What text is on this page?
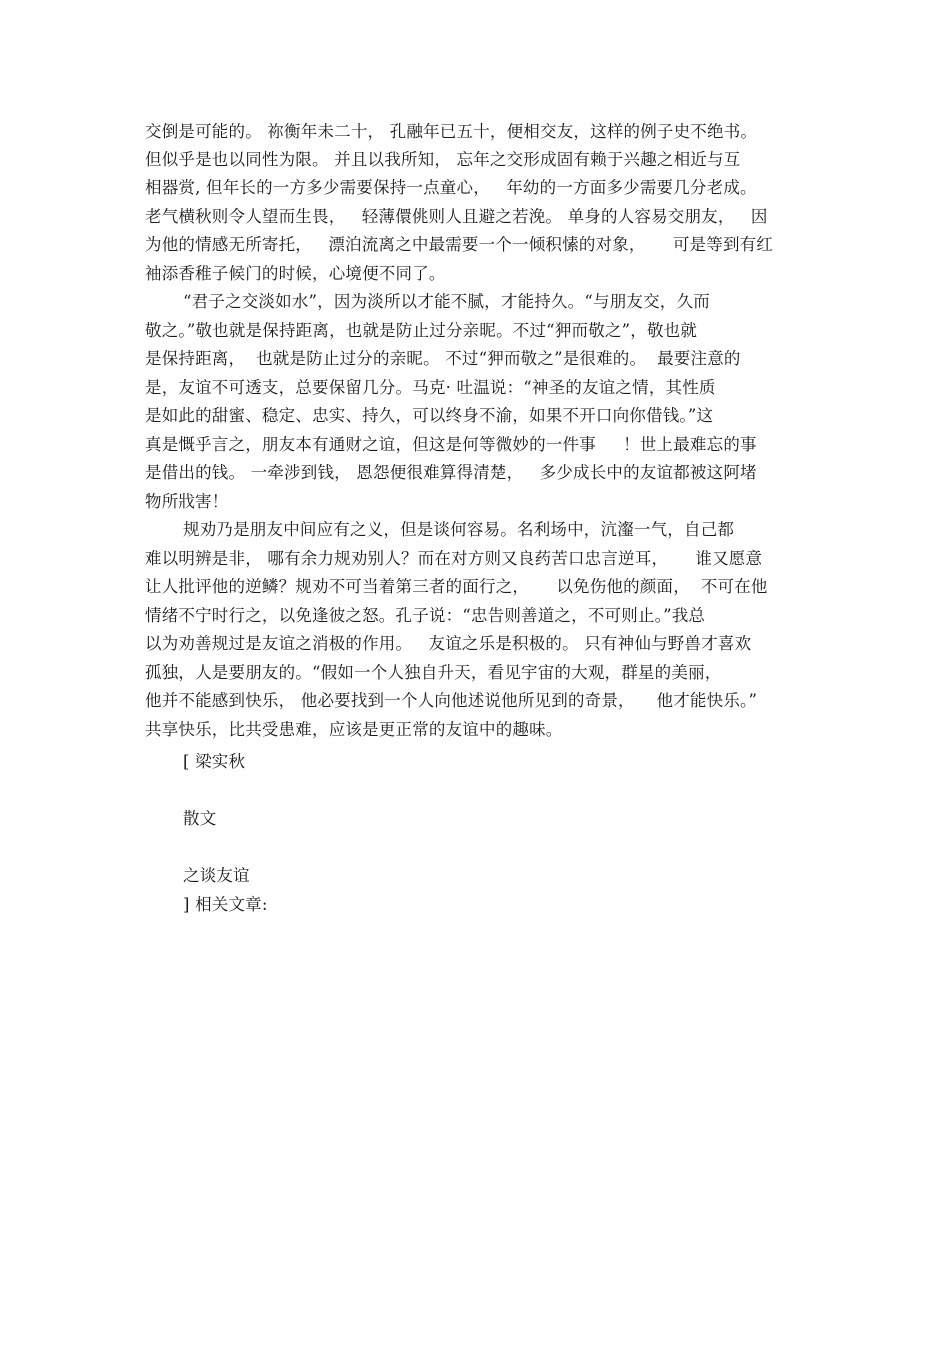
交倒是可能的。 祢衡年未二十， 孔融年已五十，便相交友，这样的例子史不绝书。
但似乎是也以同性为限。 并且以我所知， 忘年之交形成固有赖于兴趣之相近与互
相器赏, 但年长的一方多少需要保持一点童心，   年幼的一方面多少需要几分老成。
老气横秋则令人望而生畏，   轻薄儇佻则人且避之若浼。 单身的人容易交朋友，   因
为他的情感无所寄托，   漂泊流离之中最需要一个一倾积愫的对象，     可是等到有红
袖添香稚子候门的时候，心境便不同了。
“君子之交淡如水”，因为淡所以才能不腻，才能持久。“与朋友交，久而
敬之。”敬也就是保持距离，也就是防止过分亲昵。不过“狎而敬之”，敬也就
是保持距离，  也就是防止过分的亲昵。 不过“狎而敬之”是很难的。  最要注意的
是，友谊不可透支，总要保留几分。马克· 吐温说：“神圣的友谊之情，其性质
是如此的甜蜜、稳定、忠实、持久，可以终身不渝，如果不开口向你借钱。”这
真是慨乎言之，朋友本有通财之谊，但这是何等微妙的一件事     ！世上最难忘的事
是借出的钱。 一牵涉到钱， 恩怨便很难算得清楚，   多少成长中的友谊都被这阿堵
物所戕害！
规劝乃是朋友中间应有之义，但是谈何容易。名利场中，沆瀣一气，自己都
难以明辨是非， 哪有余力规劝别人？而在对方则又良药苦口忠言逆耳，     谁又愿意
让人批评他的逆鳞？规劝不可当着第三者的面行之，     以免伤他的颜面，  不可在他
情绪不宁时行之，以免逢彼之怒。孔子说：“忠告则善道之，不可则止。”我总
以为劝善规过是友谊之消极的作用。   友谊之乐是积极的。 只有神仙与野兽才喜欢
孤独，人是要朋友的。“假如一个人独自升天，看见宇宙的大观，群星的美丽，
他并不能感到快乐， 他必要找到一个人向他述说他所见到的奇景，    他才能快乐。”
共享快乐，比共受患难，应该是更正常的友谊中的趣味。
[ 梁实秋
散文
之谈友谊
] 相关文章:
